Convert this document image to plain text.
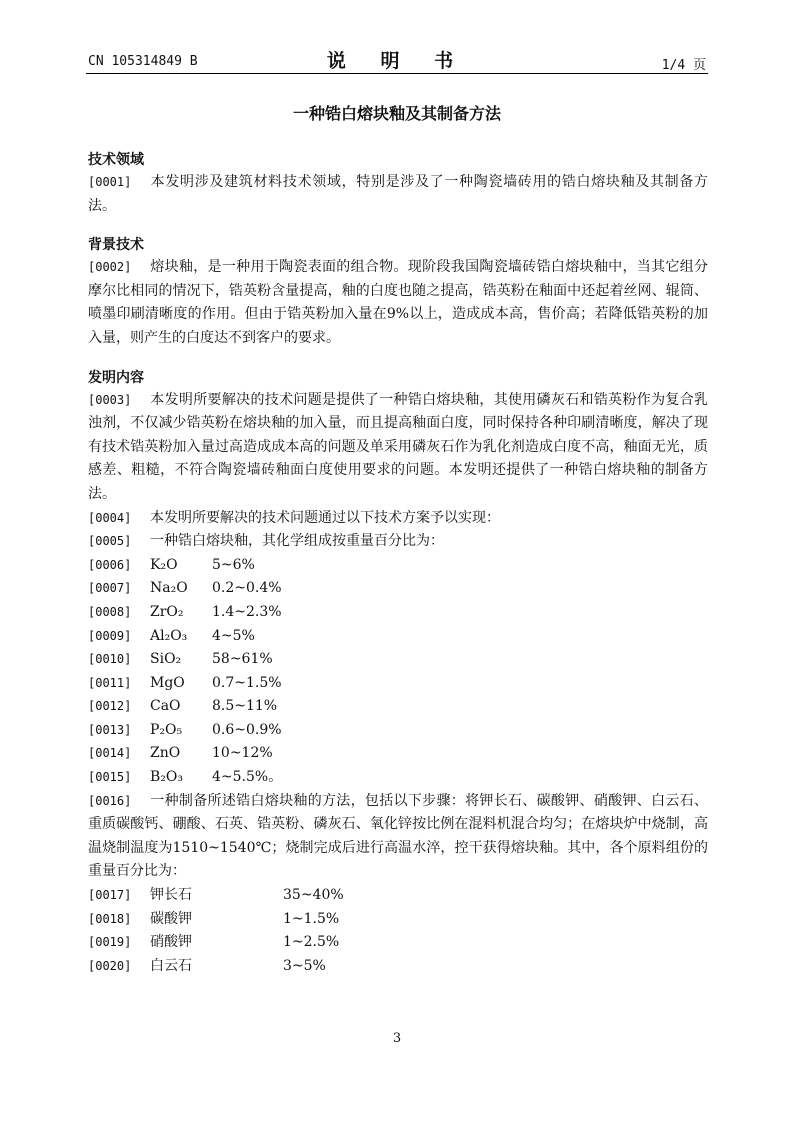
CN 105314849 B	说 明 书	1/4 页
一种锆白熔块釉及其制备方法
技术领域
[0001] 本发明涉及建筑材料技术领域，特别是涉及了一种陶瓷墙砖用的锆白熔块釉及其制备方法。
背景技术
[0002] 熔块釉，是一种用于陶瓷表面的组合物。现阶段我国陶瓷墙砖锆白熔块釉中，当其它组分摩尔比相同的情况下，锆英粉含量提高，釉的白度也随之提高，锆英粉在釉面中还起着丝网、辊筒、喷墨印刷清晰度的作用。但由于锆英粉加入量在9%以上，造成成本高，售价高；若降低锆英粉的加入量，则产生的白度达不到客户的要求。
发明内容
[0003] 本发明所要解决的技术问题是提供了一种锆白熔块釉，其使用磷灰石和锆英粉作为复合乳浊剂，不仅减少锆英粉在熔块釉的加入量，而且提高釉面白度，同时保持各种印刷清晰度，解决了现有技术锆英粉加入量过高造成成本高的问题及单采用磷灰石作为乳化剂造成白度不高，釉面无光，质感差、粗糙，不符合陶瓷墙砖釉面白度使用要求的问题。本发明还提供了一种锆白熔块釉的制备方法。
[0004] 本发明所要解决的技术问题通过以下技术方案予以实现：
[0005] 一种锆白熔块釉，其化学组成按重量百分比为：
[0006] K₂O 5~6%
[0007] Na₂O 0.2~0.4%
[0008] ZrO₂ 1.4~2.3%
[0009] Al₂O₃ 4~5%
[0010] SiO₂ 58~61%
[0011] MgO 0.7~1.5%
[0012] CaO 8.5~11%
[0013] P₂O₅ 0.6~0.9%
[0014] ZnO 10~12%
[0015] B₂O₃ 4~5.5%。
[0016] 一种制备所述锆白熔块釉的方法，包括以下步骤：将钾长石、碳酸钾、硝酸钾、白云石、重质碳酸钙、硼酸、石英、锆英粉、磷灰石、氧化锌按比例在混料机混合均匀；在熔块炉中烧制，高温烧制温度为1510~1540℃；烧制完成后进行高温水淬，控干获得熔块釉。其中，各个原料组份的重量百分比为：
[0017] 钾长石	35~40%
[0018] 碳酸钾	1~1.5%
[0019] 硝酸钾	1~2.5%
[0020] 白云石	3~5%
3
